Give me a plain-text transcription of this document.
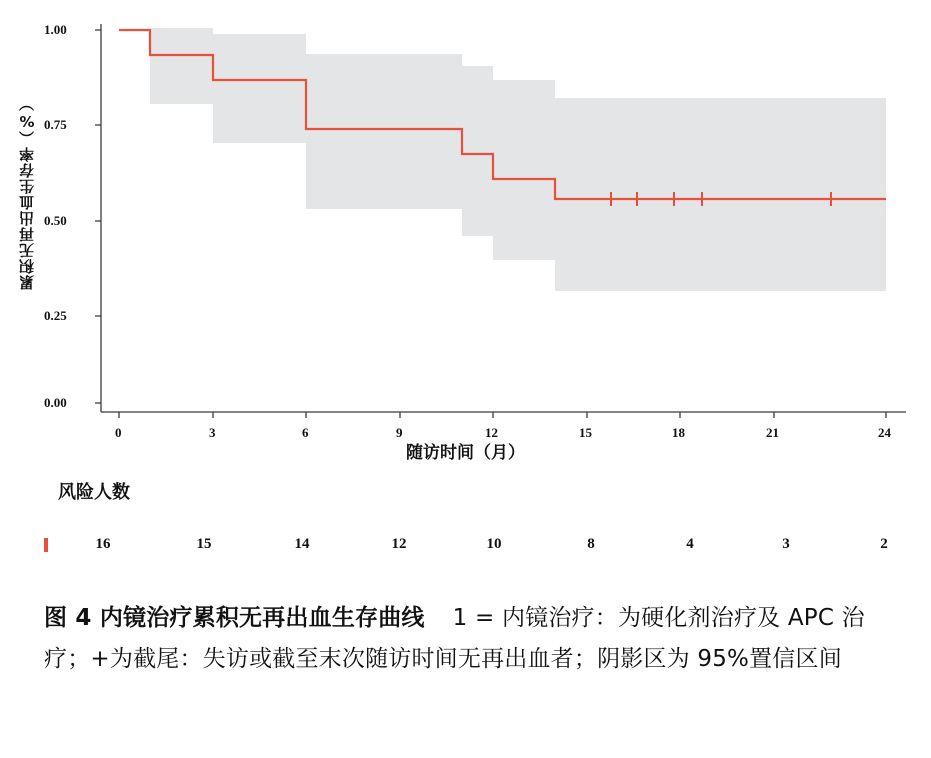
累积无再出血生存率（%）
1.00
0.75
0.50
0.25
0.00
0	3	6	9	12	15	18	21	24
随访时间（月）
风险人数
16	15	14	12	10	8	4	3	2
图 4 内镜治疗累积无再出血生存曲线 1 = 内镜治疗：为硬化剂治疗及 APC 治疗；+为截尾：失访或截至末次随访时间无再出血者；阴影区为 95%置信区间
